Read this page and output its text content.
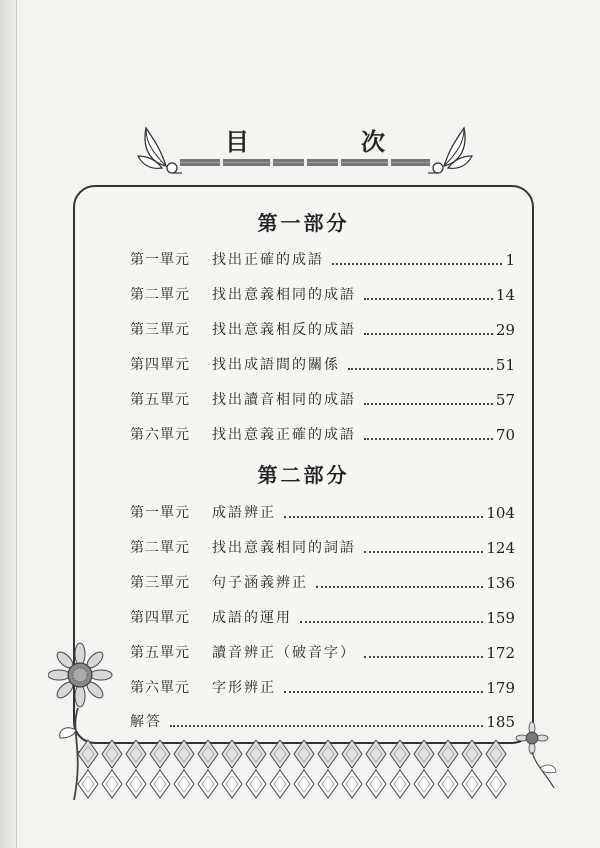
目　次
第一部分
第一單元	找出正確的成語	1
第二單元	找出意義相同的成語	14
第三單元	找出意義相反的成語	29
第四單元	找出成語間的關係	51
第五單元	找出讀音相同的成語	57
第六單元	找出意義正確的成語	70
第二部分
第一單元	成語辨正	104
第二單元	找出意義相同的詞語	124
第三單元	句子涵義辨正	136
第四單元	成語的運用	159
第五單元	讀音辨正（破音字）	172
第六單元	字形辨正	179
解答	185
